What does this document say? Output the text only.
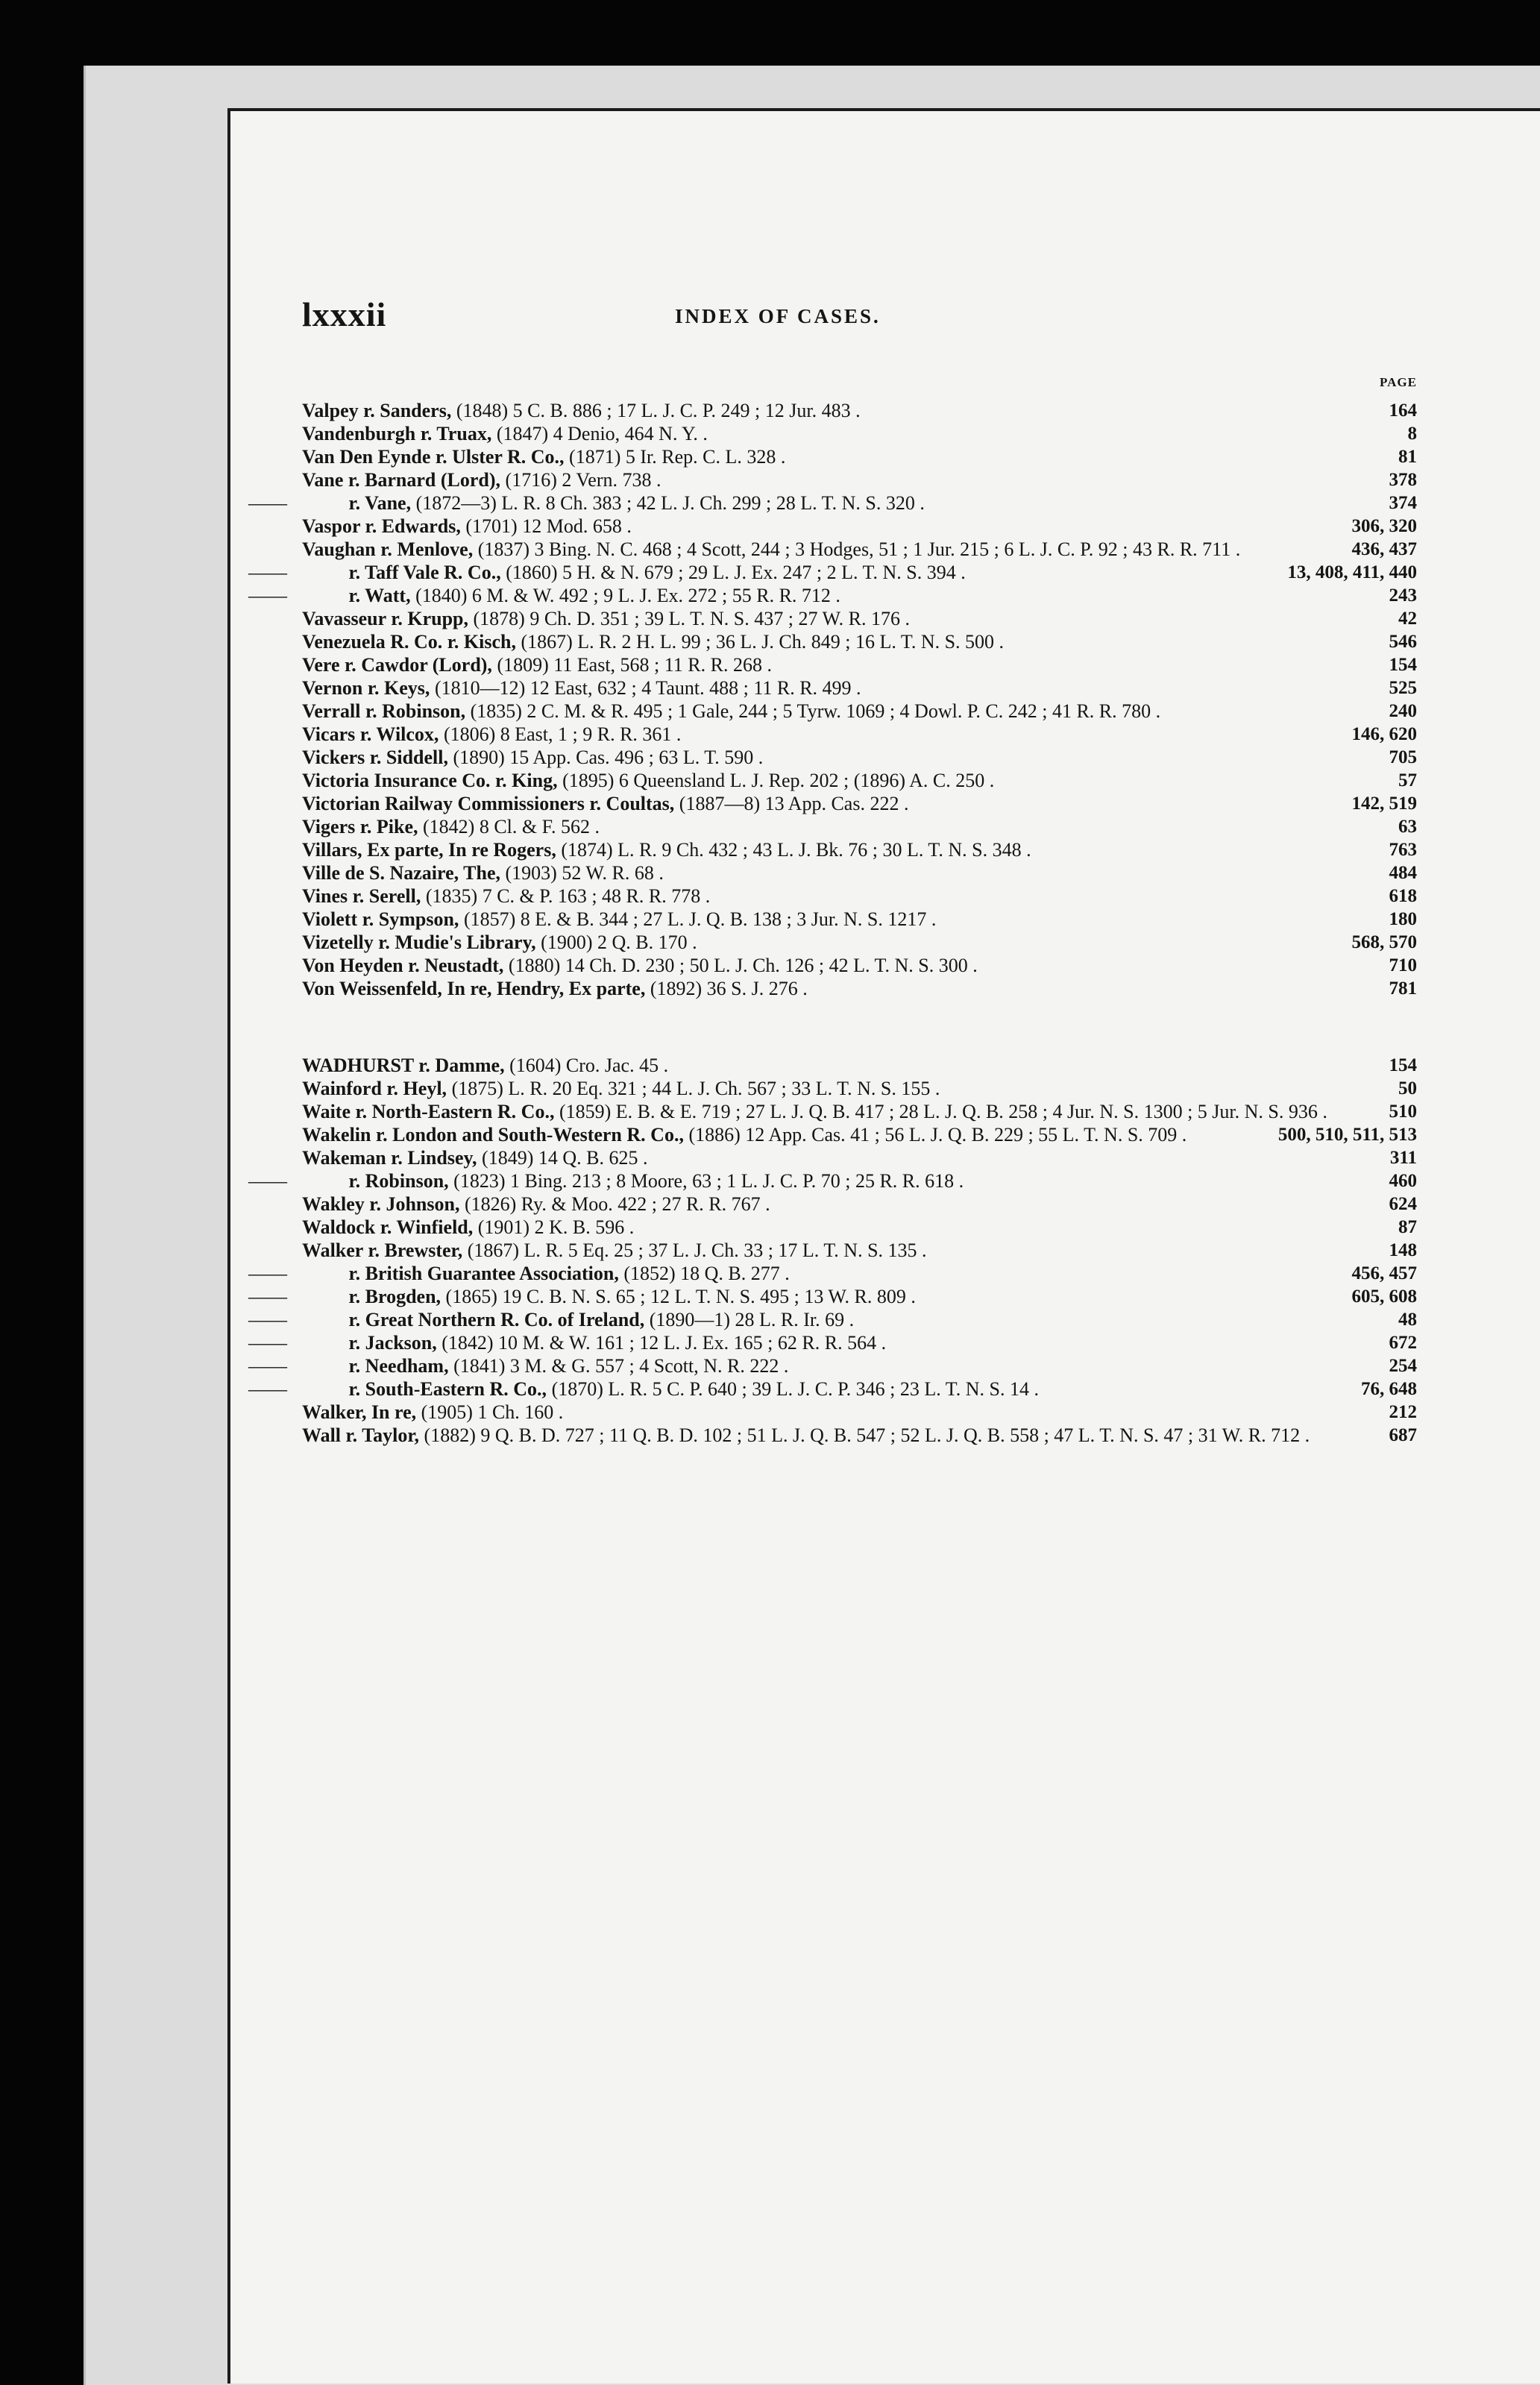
lxxxii	INDEX OF CASES.
PAGE
Valpey r. Sanders, (1848) 5 C. B. 886 ; 17 L. J. C. P. 249 ; 12 Jur. 483 .	164
Vandenburgh r. Truax, (1847) 4 Denio, 464 N. Y. .	8
Van Den Eynde r. Ulster R. Co., (1871) 5 Ir. Rep. C. L. 328 .	81
Vane r. Barnard (Lord), (1716) 2 Vern. 738 .	378
——	r. Vane, (1872—3) L. R. 8 Ch. 383 ; 42 L. J. Ch. 299 ; 28 L. T. N. S. 320 .	374
Vaspor r. Edwards, (1701) 12 Mod. 658 .	306, 320
Vaughan r. Menlove, (1837) 3 Bing. N. C. 468 ; 4 Scott, 244 ; 3 Hodges, 51 ; 1 Jur. 215 ; 6 L. J. C. P. 92 ; 43 R. R. 711 .	436, 437
——	r. Taff Vale R. Co., (1860) 5 H. & N. 679 ; 29 L. J. Ex. 247 ; 2 L. T. N. S. 394 .	13, 408, 411, 440
——	r. Watt, (1840) 6 M. & W. 492 ; 9 L. J. Ex. 272 ; 55 R. R. 712 .	243
Vavasseur r. Krupp, (1878) 9 Ch. D. 351 ; 39 L. T. N. S. 437 ; 27 W. R. 176 .	42
Venezuela R. Co. r. Kisch, (1867) L. R. 2 H. L. 99 ; 36 L. J. Ch. 849 ; 16 L. T. N. S. 500 .	546
Vere r. Cawdor (Lord), (1809) 11 East, 568 ; 11 R. R. 268 .	154
Vernon r. Keys, (1810—12) 12 East, 632 ; 4 Taunt. 488 ; 11 R. R. 499 .	525
Verrall r. Robinson, (1835) 2 C. M. & R. 495 ; 1 Gale, 244 ; 5 Tyrw. 1069 ; 4 Dowl. P. C. 242 ; 41 R. R. 780 .	240
Vicars r. Wilcox, (1806) 8 East, 1 ; 9 R. R. 361 .	146, 620
Vickers r. Siddell, (1890) 15 App. Cas. 496 ; 63 L. T. 590 .	705
Victoria Insurance Co. r. King, (1895) 6 Queensland L. J. Rep. 202 ; (1896) A. C. 250 .	57
Victorian Railway Commissioners r. Coultas, (1887—8) 13 App. Cas. 222 .	142, 519
Vigers r. Pike, (1842) 8 Cl. & F. 562 .	63
Villars, Ex parte, In re Rogers, (1874) L. R. 9 Ch. 432 ; 43 L. J. Bk. 76 ; 30 L. T. N. S. 348 .	763
Ville de S. Nazaire, The, (1903) 52 W. R. 68 .	484
Vines r. Serell, (1835) 7 C. & P. 163 ; 48 R. R. 778 .	618
Violett r. Sympson, (1857) 8 E. & B. 344 ; 27 L. J. Q. B. 138 ; 3 Jur. N. S. 1217 .	180
Vizetelly r. Mudie's Library, (1900) 2 Q. B. 170 .	568, 570
Von Heyden r. Neustadt, (1880) 14 Ch. D. 230 ; 50 L. J. Ch. 126 ; 42 L. T. N. S. 300 .	710
Von Weissenfeld, In re, Hendry, Ex parte, (1892) 36 S. J. 276 .	781
WADHURST r. Damme, (1604) Cro. Jac. 45 .	154
Wainford r. Heyl, (1875) L. R. 20 Eq. 321 ; 44 L. J. Ch. 567 ; 33 L. T. N. S. 155 .	50
Waite r. North-Eastern R. Co., (1859) E. B. & E. 719 ; 27 L. J. Q. B. 417 ; 28 L. J. Q. B. 258 ; 4 Jur. N. S. 1300 ; 5 Jur. N. S. 936 .	510
Wakelin r. London and South-Western R. Co., (1886) 12 App. Cas. 41 ; 56 L. J. Q. B. 229 ; 55 L. T. N. S. 709 .	500, 510, 511, 513
Wakeman r. Lindsey, (1849) 14 Q. B. 625 .	311
——	r. Robinson, (1823) 1 Bing. 213 ; 8 Moore, 63 ; 1 L. J. C. P. 70 ; 25 R. R. 618 .	460
Wakley r. Johnson, (1826) Ry. & Moo. 422 ; 27 R. R. 767 .	624
Waldock r. Winfield, (1901) 2 K. B. 596 .	87
Walker r. Brewster, (1867) L. R. 5 Eq. 25 ; 37 L. J. Ch. 33 ; 17 L. T. N. S. 135 .	148
——	r. British Guarantee Association, (1852) 18 Q. B. 277 .	456, 457
——	r. Brogden, (1865) 19 C. B. N. S. 65 ; 12 L. T. N. S. 495 ; 13 W. R. 809 .	605, 608
——	r. Great Northern R. Co. of Ireland, (1890—1) 28 L. R. Ir. 69 .	48
——	r. Jackson, (1842) 10 M. & W. 161 ; 12 L. J. Ex. 165 ; 62 R. R. 564 .	672
——	r. Needham, (1841) 3 M. & G. 557 ; 4 Scott, N. R. 222 .	254
——	r. South-Eastern R. Co., (1870) L. R. 5 C. P. 640 ; 39 L. J. C. P. 346 ; 23 L. T. N. S. 14 .	76, 648
Walker, In re, (1905) 1 Ch. 160 .	212
Wall r. Taylor, (1882) 9 Q. B. D. 727 ; 11 Q. B. D. 102 ; 51 L. J. Q. B. 547 ; 52 L. J. Q. B. 558 ; 47 L. T. N. S. 47 ; 31 W. R. 712 .	687
